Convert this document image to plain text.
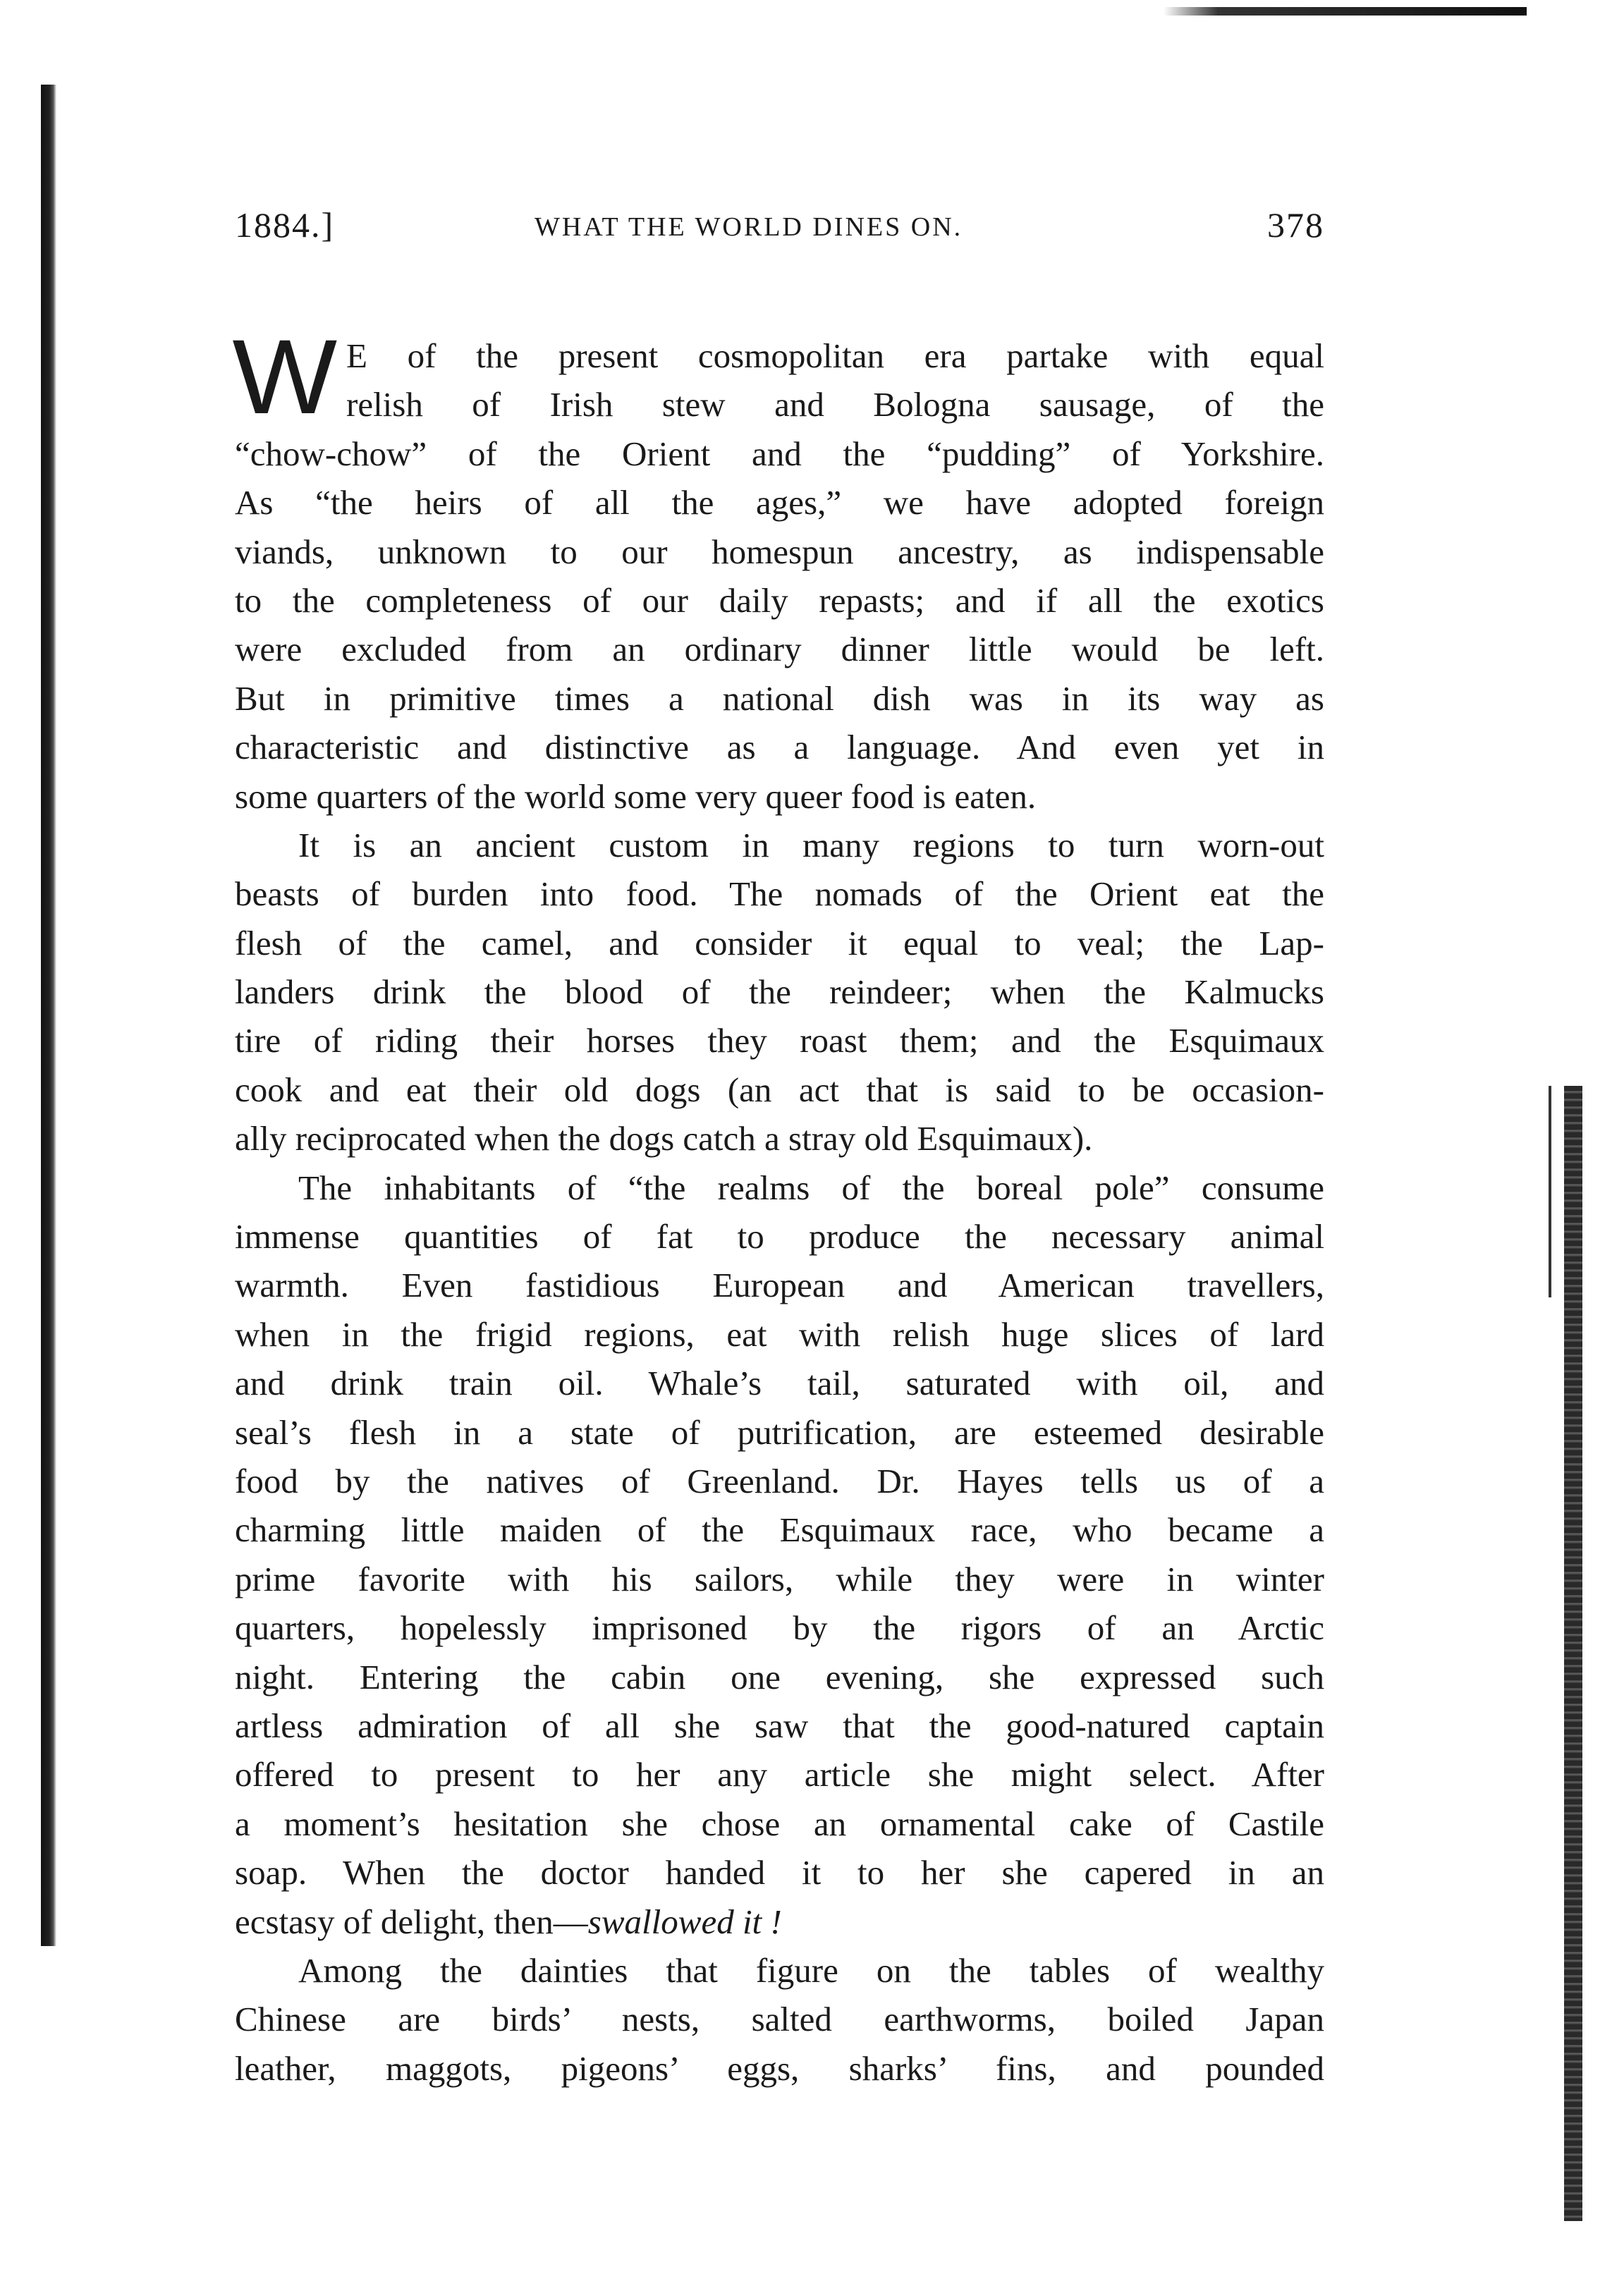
1884.]	WHAT THE WORLD DINES ON.	378
W E of the present cosmopolitan era partake with equal
relish of Irish stew and Bologna sausage, of the
“chow-chow” of the Orient and the “pudding” of Yorkshire.
As “the heirs of all the ages,” we have adopted foreign
viands, unknown to our homespun ancestry, as indispensable
to the completeness of our daily repasts; and if all the exotics
were excluded from an ordinary dinner little would be left.
But in primitive times a national dish was in its way as
characteristic and distinctive as a language. And even yet in
some quarters of the world some very queer food is eaten.
It is an ancient custom in many regions to turn worn-out
beasts of burden into food. The nomads of the Orient eat the
flesh of the camel, and consider it equal to veal; the Lap-
landers drink the blood of the reindeer; when the Kalmucks
tire of riding their horses they roast them; and the Esquimaux
cook and eat their old dogs (an act that is said to be occasion-
ally reciprocated when the dogs catch a stray old Esquimaux).
The inhabitants of “the realms of the boreal pole” consume
immense quantities of fat to produce the necessary animal
warmth. Even fastidious European and American travellers,
when in the frigid regions, eat with relish huge slices of lard
and drink train oil. Whale’s tail, saturated with oil, and
seal’s flesh in a state of putrification, are esteemed desirable
food by the natives of Greenland. Dr. Hayes tells us of a
charming little maiden of the Esquimaux race, who became a
prime favorite with his sailors, while they were in winter
quarters, hopelessly imprisoned by the rigors of an Arctic
night. Entering the cabin one evening, she expressed such
artless admiration of all she saw that the good-natured captain
offered to present to her any article she might select. After
a moment’s hesitation she chose an ornamental cake of Castile
soap. When the doctor handed it to her she capered in an
ecstasy of delight, then—swallowed it !
Among the dainties that figure on the tables of wealthy
Chinese are birds’ nests, salted earthworms, boiled Japan
leather, maggots, pigeons’ eggs, sharks’ fins, and pounded
